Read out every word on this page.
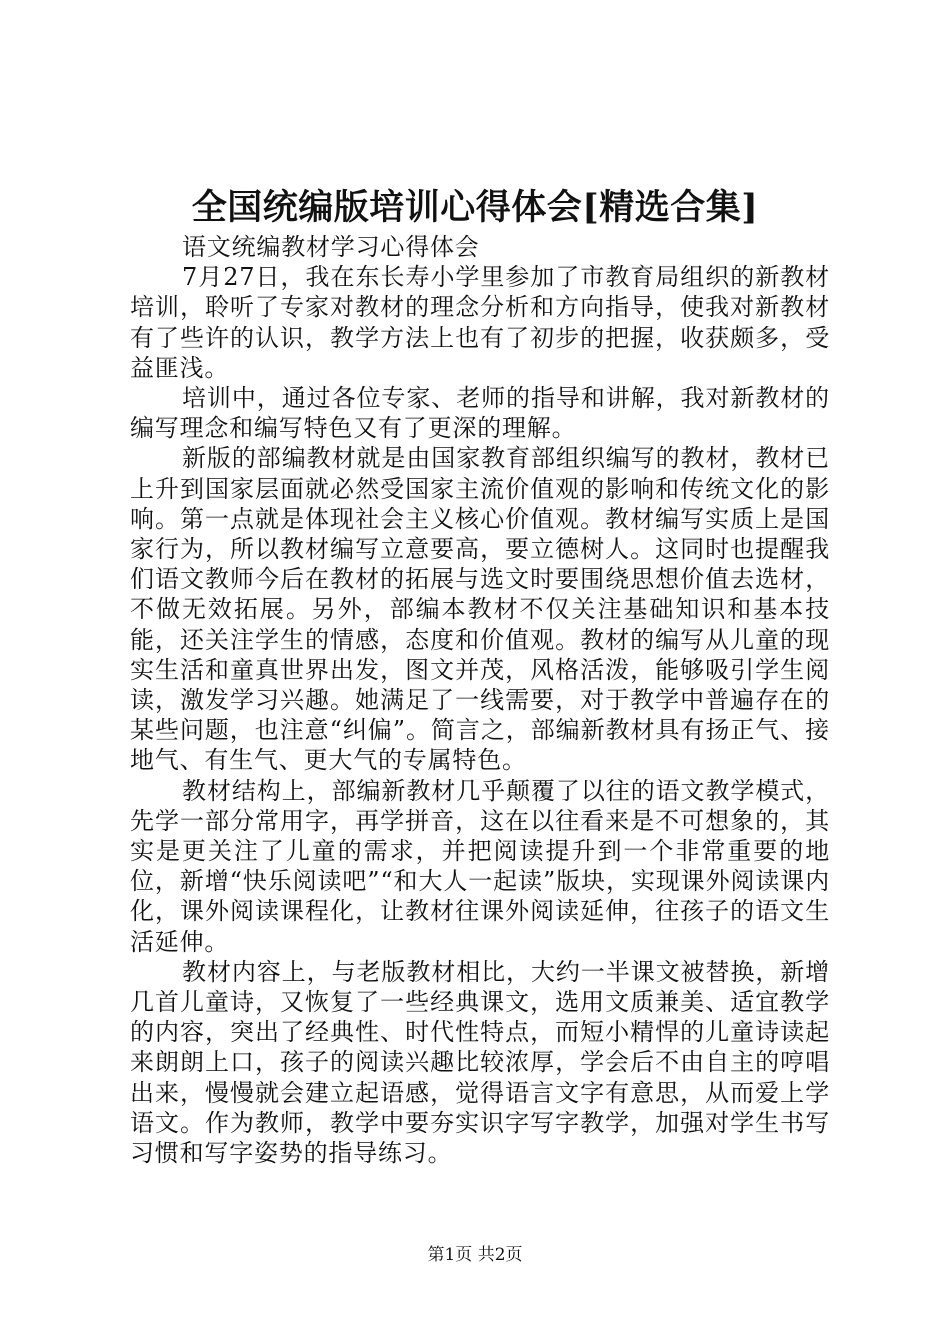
全国统编版培训心得体会[精选合集]

语文统编教材学习心得体会

7月27日，我在东长寿小学里参加了市教育局组织的新教材培训，聆听了专家对教材的理念分析和方向指导，使我对新教材有了些许的认识，教学方法上也有了初步的把握，收获颇多，受益匪浅。

培训中，通过各位专家、老师的指导和讲解，我对新教材的编写理念和编写特色又有了更深的理解。

新版的部编教材就是由国家教育部组织编写的教材，教材已上升到国家层面就必然受国家主流价值观的影响和传统文化的影响。第一点就是体现社会主义核心价值观。教材编写实质上是国家行为，所以教材编写立意要高，要立德树人。这同时也提醒我们语文教师今后在教材的拓展与选文时要围绕思想价值去选材，不做无效拓展。另外，部编本教材不仅关注基础知识和基本技能，还关注学生的情感，态度和价值观。教材的编写从儿童的现实生活和童真世界出发，图文并茂，风格活泼，能够吸引学生阅读，激发学习兴趣。她满足了一线需要，对于教学中普遍存在的某些问题，也注意“纠偏”。简言之，部编新教材具有扬正气、接地气、有生气、更大气的专属特色。

教材结构上，部编新教材几乎颠覆了以往的语文教学模式，先学一部分常用字，再学拼音，这在以往看来是不可想象的，其实是更关注了儿童的需求，并把阅读提升到一个非常重要的地位，新增“快乐阅读吧”“和大人一起读”版块，实现课外阅读课内化，课外阅读课程化，让教材往课外阅读延伸，往孩子的语文生活延伸。

教材内容上，与老版教材相比，大约一半课文被替换，新增几首儿童诗，又恢复了一些经典课文，选用文质兼美、适宜教学的内容，突出了经典性、时代性特点，而短小精悍的儿童诗读起来朗朗上口，孩子的阅读兴趣比较浓厚，学会后不由自主的哼唱出来，慢慢就会建立起语感，觉得语言文字有意思，从而爱上学语文。作为教师，教学中要夯实识字写字教学，加强对学生书写习惯和写字姿势的指导练习。

第1页 共2页
